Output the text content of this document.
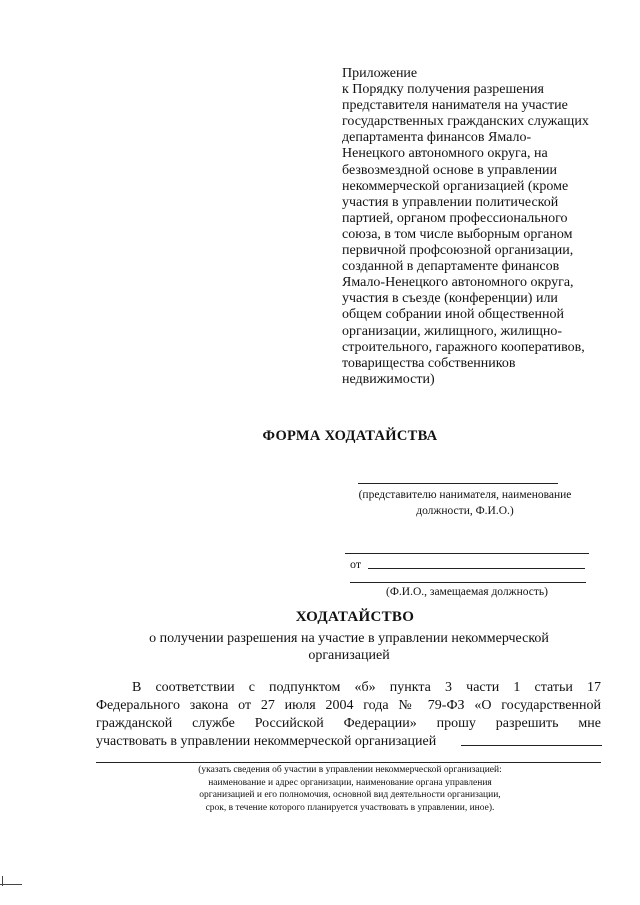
Приложение
к Порядку получения разрешения
представителя нанимателя на участие
государственных гражданских служащих
департамента финансов Ямало-
Ненецкого автономного округа, на
безвозмездной основе в управлении
некоммерческой организацией (кроме
участия в управлении политической
партией, органом профессионального
союза, в том числе выборным органом
первичной профсоюзной организации,
созданной в департаменте финансов
Ямало-Ненецкого автономного округа,
участия в съезде (конференции) или
общем собрании иной общественной
организации, жилищного, жилищно-
строительного, гаражного кооперативов,
товарищества собственников
недвижимости)
ФОРМА ХОДАТАЙСТВА
(представителю нанимателя, наименование
должности, Ф.И.О.)
от
(Ф.И.О., замещаемая должность)
ХОДАТАЙСТВО
о получении разрешения на участие в управлении некоммерческой
организацией
В соответствии с подпунктом «б» пункта 3 части 1 статьи 17
Федерального закона от 27 июля 2004 года № 79-ФЗ «О государственной
гражданской службе Российской Федерации» прошу разрешить мне
участвовать в управлении некоммерческой организацией
(указать сведения об участии в управлении некоммерческой организацией:
наименование и адрес организации, наименование органа управления
организацией и его полномочия, основной вид деятельности организации,
срок, в течение которого планируется участвовать в управлении, иное).
